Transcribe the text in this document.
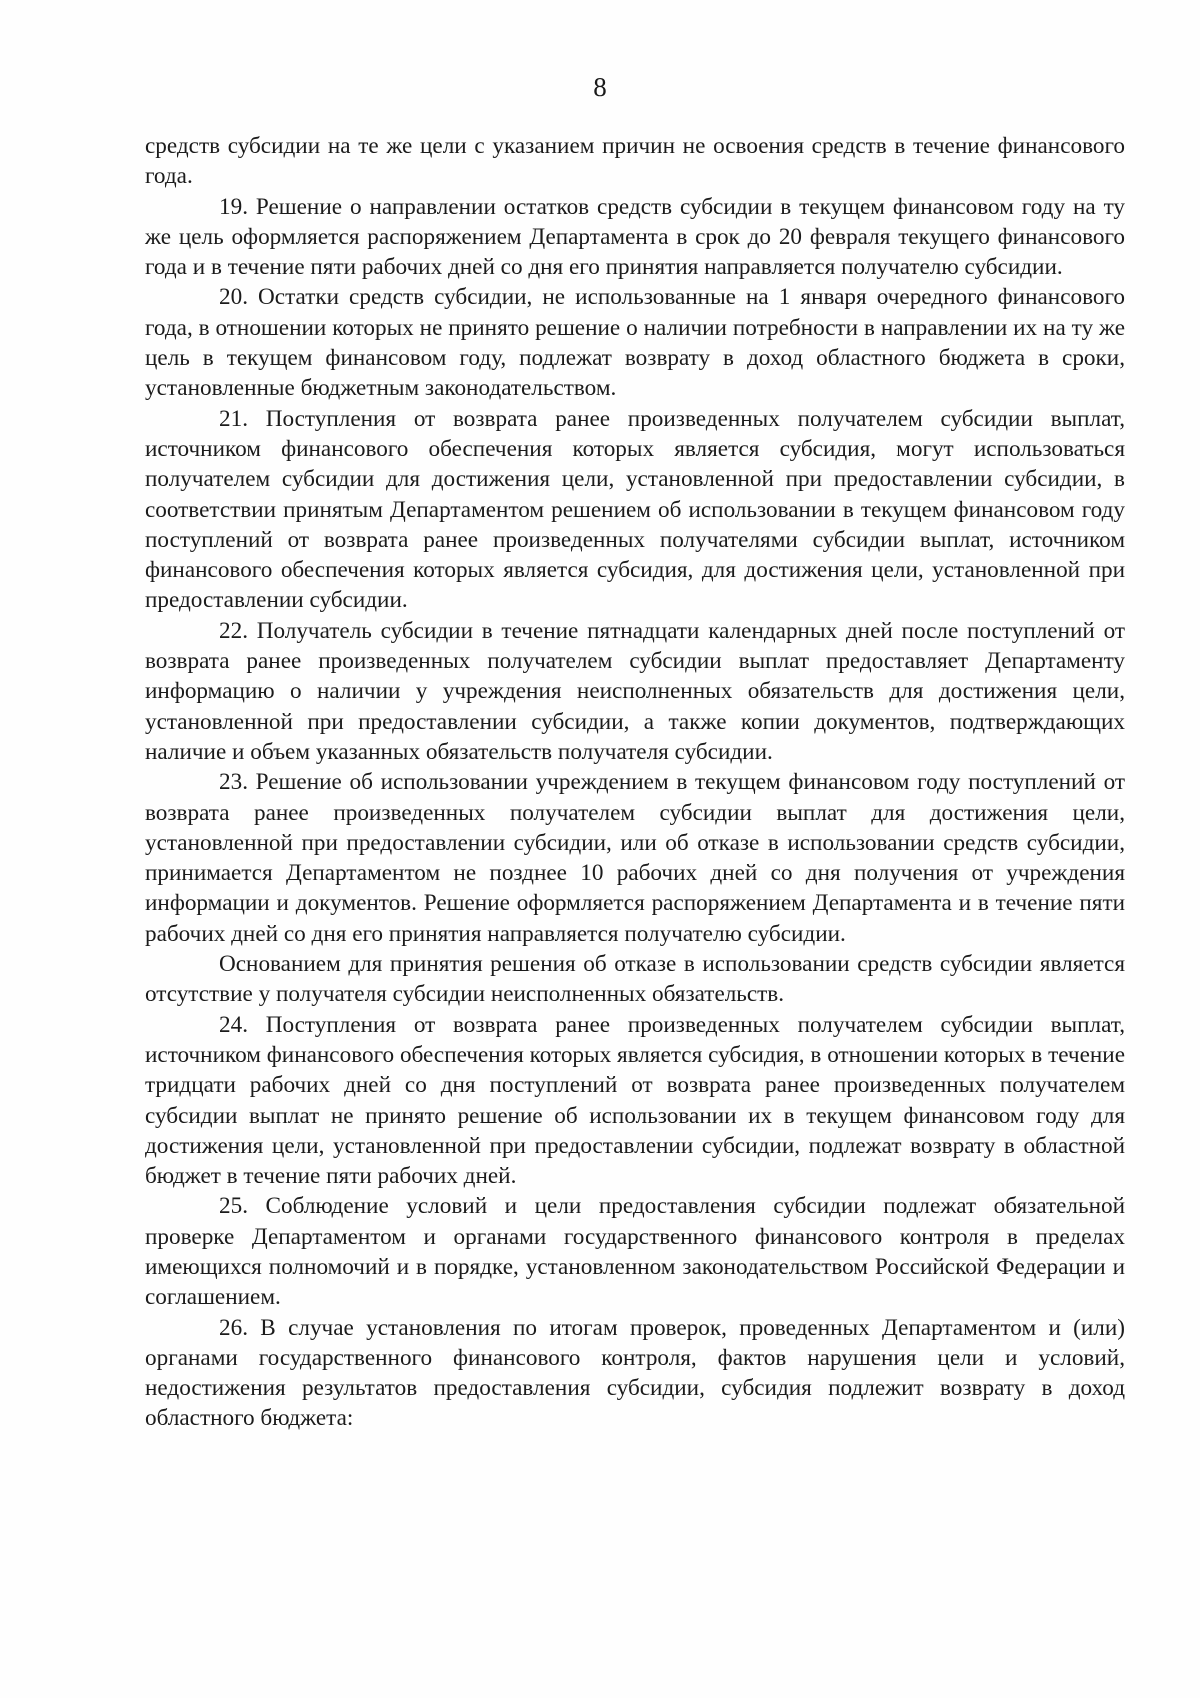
8

средств субсидии на те же цели с указанием причин не освоения средств в течение финансового года.

19. Решение о направлении остатков средств субсидии в текущем финансовом году на ту же цель оформляется распоряжением Департамента в срок до 20 февраля текущего финансового года и в течение пяти рабочих дней со дня его принятия направляется получателю субсидии.

20. Остатки средств субсидии, не использованные на 1 января очередного финансового года, в отношении которых не принято решение о наличии потребности в направлении их на ту же цель в текущем финансовом году, подлежат возврату в доход областного бюджета в сроки, установленные бюджетным законодательством.

21. Поступления от возврата ранее произведенных получателем субсидии выплат, источником финансового обеспечения которых является субсидия, могут использоваться получателем субсидии для достижения цели, установленной при предоставлении субсидии, в соответствии принятым Департаментом решением об использовании в текущем финансовом году поступлений от возврата ранее произведенных получателями субсидии выплат, источником финансового обеспечения которых является субсидия, для достижения цели, установленной при предоставлении субсидии.

22. Получатель субсидии в течение пятнадцати календарных дней после поступлений от возврата ранее произведенных получателем субсидии выплат предоставляет Департаменту информацию о наличии у учреждения неисполненных обязательств для достижения цели, установленной при предоставлении субсидии, а также копии документов, подтверждающих наличие и объем указанных обязательств получателя субсидии.

23. Решение об использовании учреждением в текущем финансовом году поступлений от возврата ранее произведенных получателем субсидии выплат для достижения цели, установленной при предоставлении субсидии, или об отказе в использовании средств субсидии, принимается Департаментом не позднее 10 рабочих дней со дня получения от учреждения информации и документов. Решение оформляется распоряжением Департамента и в течение пяти рабочих дней со дня его принятия направляется получателю субсидии.

Основанием для принятия решения об отказе в использовании средств субсидии является отсутствие у получателя субсидии неисполненных обязательств.

24. Поступления от возврата ранее произведенных получателем субсидии выплат, источником финансового обеспечения которых является субсидия, в отношении которых в течение тридцати рабочих дней со дня поступлений от возврата ранее произведенных получателем субсидии выплат не принято решение об использовании их в текущем финансовом году для достижения цели, установленной при предоставлении субсидии, подлежат возврату в областной бюджет в течение пяти рабочих дней.

25. Соблюдение условий и цели предоставления субсидии подлежат обязательной проверке Департаментом и органами государственного финансового контроля в пределах имеющихся полномочий и в порядке, установленном законодательством Российской Федерации и соглашением.

26. В случае установления по итогам проверок, проведенных Департаментом и (или) органами государственного финансового контроля, фактов нарушения цели и условий, недостижения результатов предоставления субсидии, субсидия подлежит возврату в доход областного бюджета:
